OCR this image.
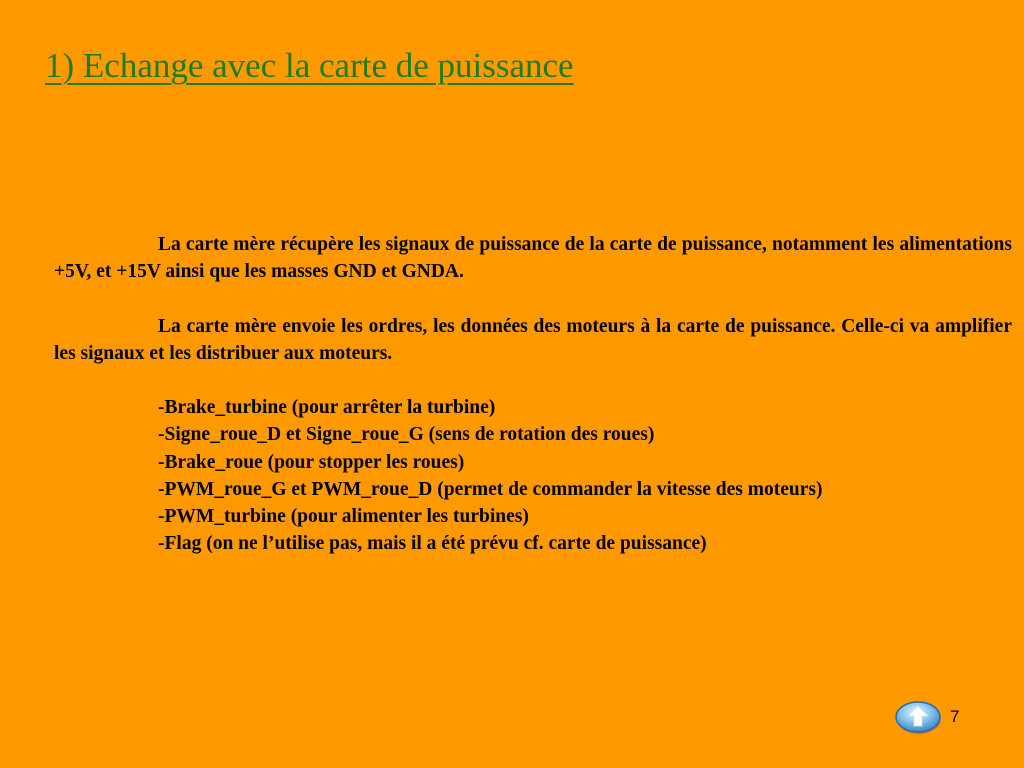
1) Echange avec la carte de puissance

La carte mère récupère les signaux de puissance de la carte de puissance, notamment les alimentations +5V, et +15V ainsi que les masses GND et GNDA.

La carte mère envoie les ordres, les données des moteurs à la carte de puissance. Celle-ci va amplifier les signaux et les distribuer aux moteurs.

-Brake_turbine (pour arrêter la turbine)
-Signe_roue_D et Signe_roue_G (sens de rotation des roues)
-Brake_roue (pour stopper les roues)
-PWM_roue_G et PWM_roue_D (permet de commander la vitesse des moteurs)
-PWM_turbine (pour alimenter les turbines)
-Flag (on ne l’utilise pas, mais il a été prévu cf. carte de puissance)
7
